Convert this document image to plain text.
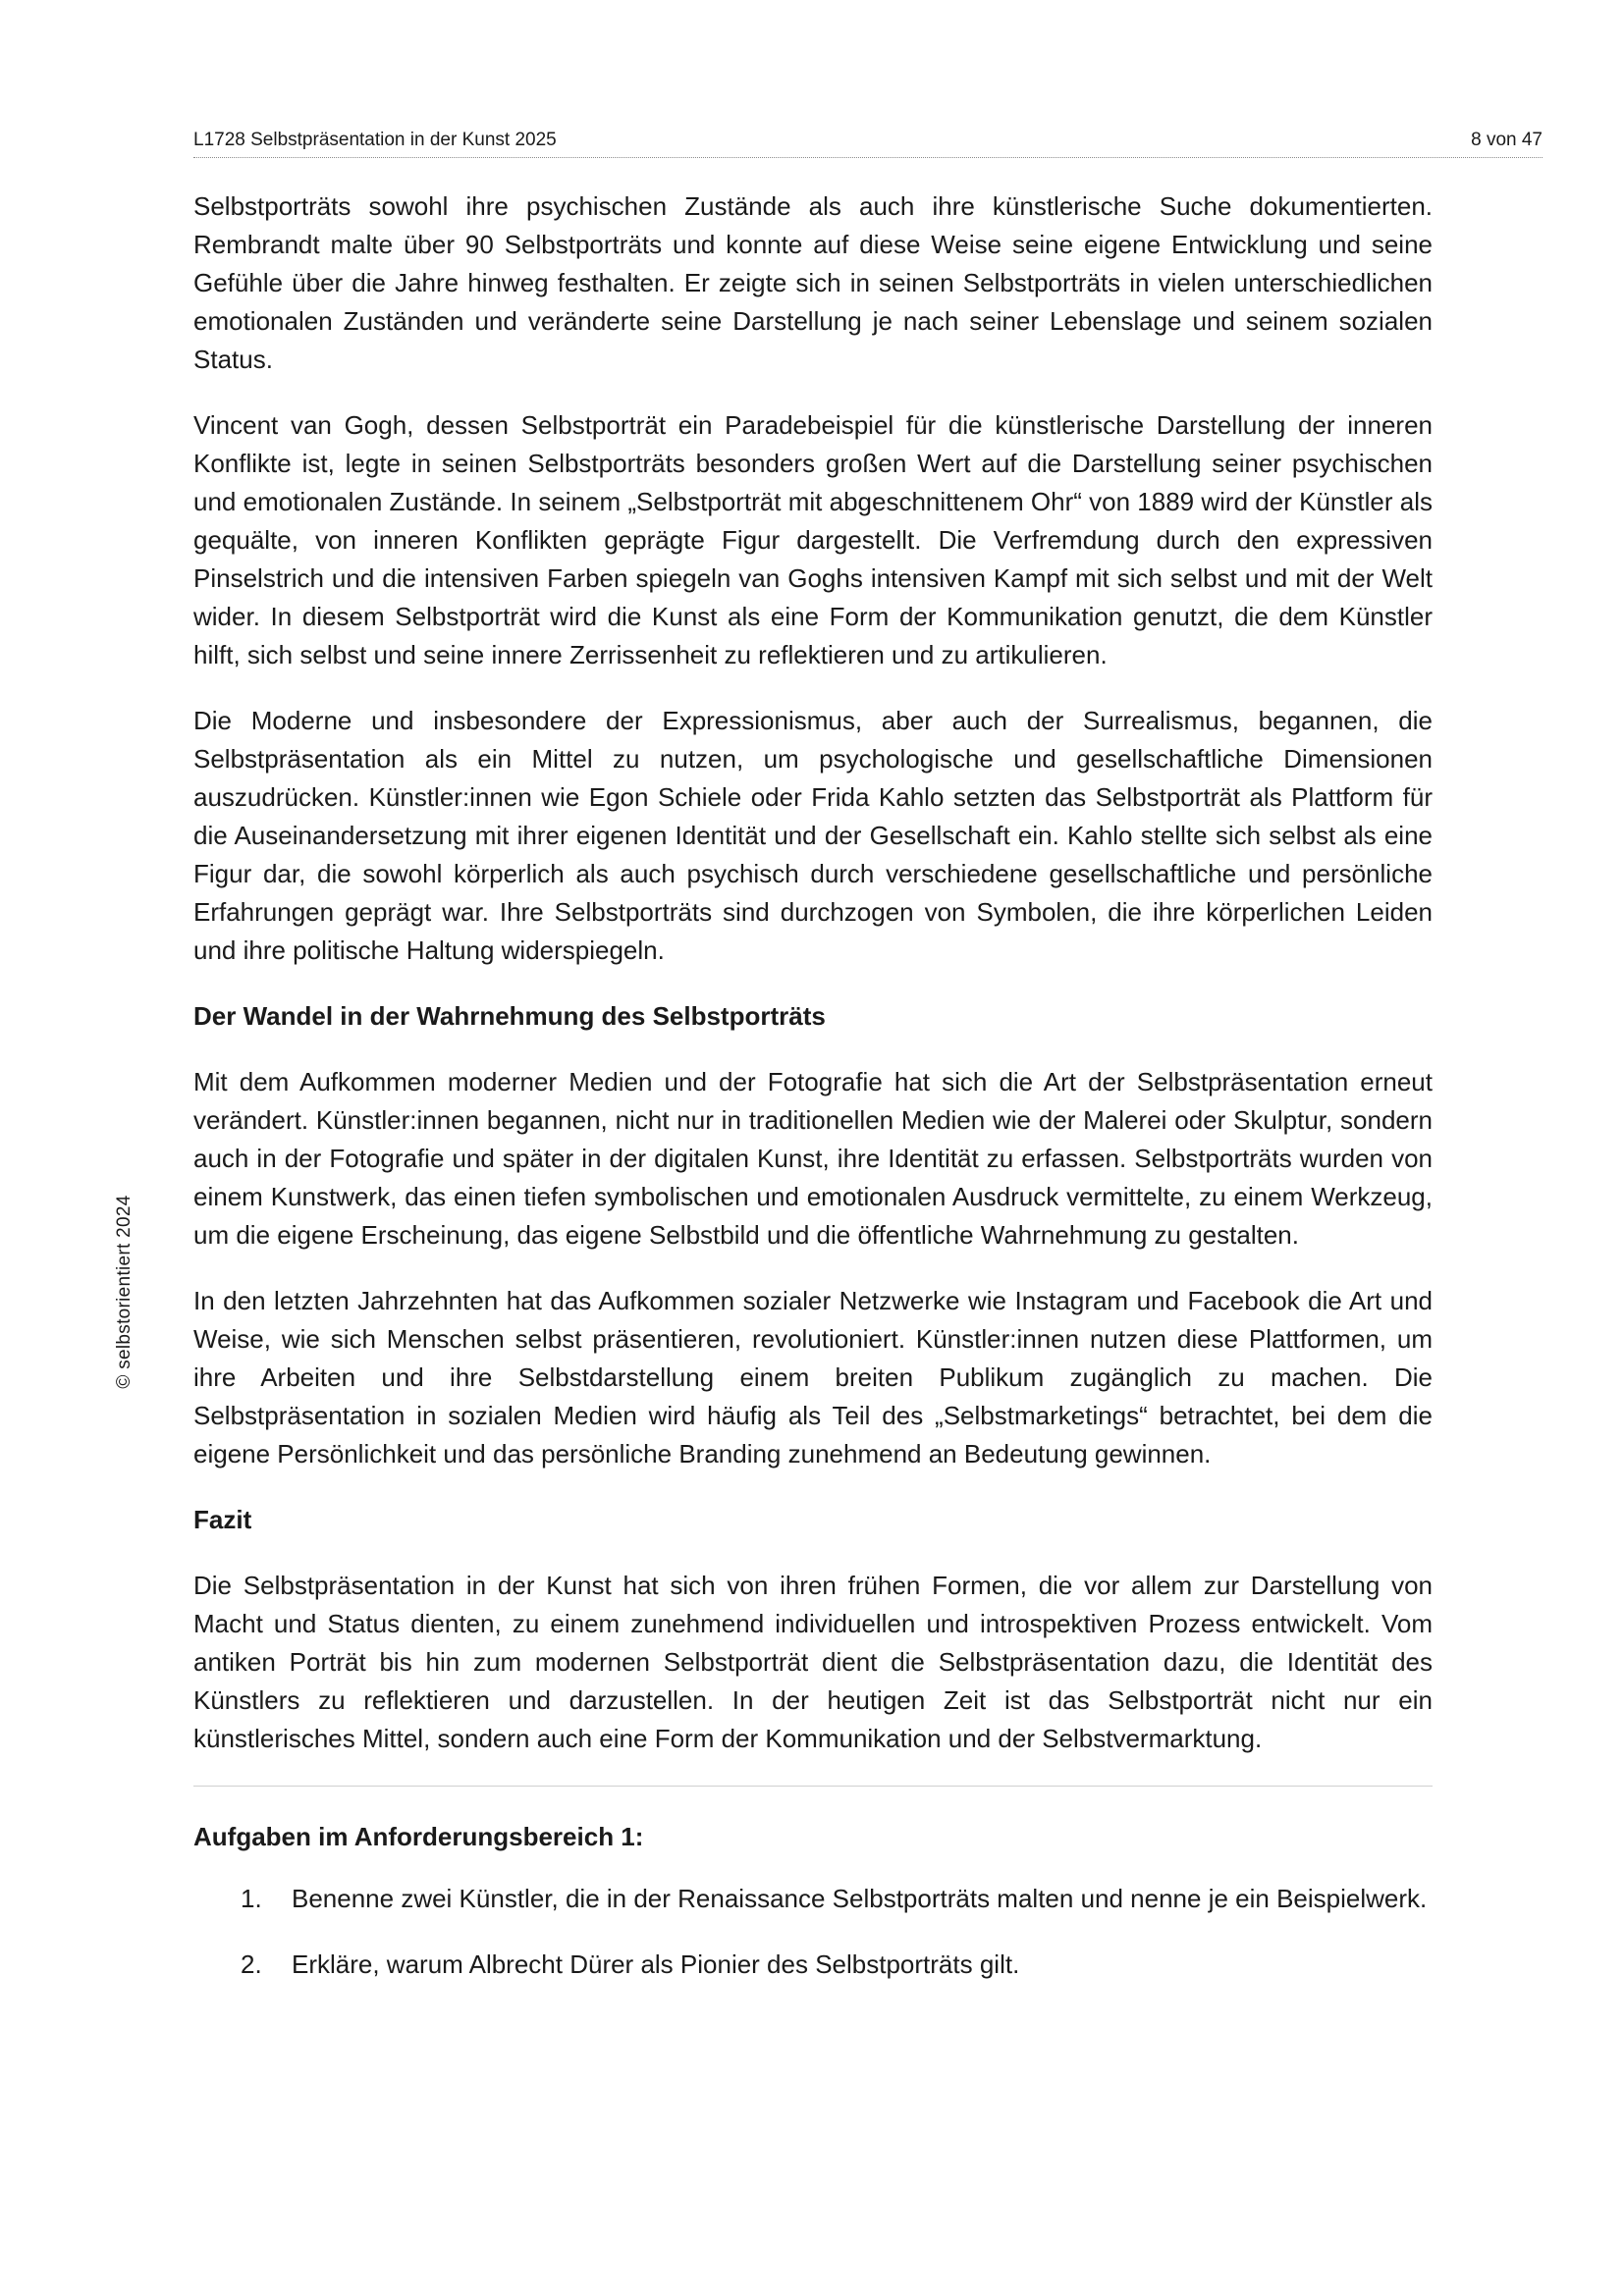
L1728 Selbstpräsentation in der Kunst 2025	8 von 47
© selbstorientiert 2024

Selbstporträts sowohl ihre psychischen Zustände als auch ihre künstlerische Suche dokumentierten. Rembrandt malte über 90 Selbstporträts und konnte auf diese Weise seine eigene Entwicklung und seine Gefühle über die Jahre hinweg festhalten. Er zeigte sich in seinen Selbstporträts in vielen unterschiedlichen emotionalen Zuständen und veränderte seine Darstellung je nach seiner Lebenslage und seinem sozialen Status.

Vincent van Gogh, dessen Selbstporträt ein Paradebeispiel für die künstlerische Darstellung der inneren Konflikte ist, legte in seinen Selbstporträts besonders großen Wert auf die Darstellung seiner psychischen und emotionalen Zustände. In seinem „Selbstporträt mit abgeschnittenem Ohr“ von 1889 wird der Künstler als gequälte, von inneren Konflikten geprägte Figur dargestellt. Die Verfremdung durch den expressiven Pinselstrich und die intensiven Farben spiegeln van Goghs intensiven Kampf mit sich selbst und mit der Welt wider. In diesem Selbstporträt wird die Kunst als eine Form der Kommunikation genutzt, die dem Künstler hilft, sich selbst und seine innere Zerrissenheit zu reflektieren und zu artikulieren.

Die Moderne und insbesondere der Expressionismus, aber auch der Surrealismus, begannen, die Selbstpräsentation als ein Mittel zu nutzen, um psychologische und gesellschaftliche Dimensionen auszudrücken. Künstler:innen wie Egon Schiele oder Frida Kahlo setzten das Selbstporträt als Plattform für die Auseinandersetzung mit ihrer eigenen Identität und der Gesellschaft ein. Kahlo stellte sich selbst als eine Figur dar, die sowohl körperlich als auch psychisch durch verschiedene gesellschaftliche und persönliche Erfahrungen geprägt war. Ihre Selbstporträts sind durchzogen von Symbolen, die ihre körperlichen Leiden und ihre politische Haltung widerspiegeln.

Der Wandel in der Wahrnehmung des Selbstporträts

Mit dem Aufkommen moderner Medien und der Fotografie hat sich die Art der Selbstpräsentation erneut verändert. Künstler:innen begannen, nicht nur in traditionellen Medien wie der Malerei oder Skulptur, sondern auch in der Fotografie und später in der digitalen Kunst, ihre Identität zu erfassen. Selbstporträts wurden von einem Kunstwerk, das einen tiefen symbolischen und emotionalen Ausdruck vermittelte, zu einem Werkzeug, um die eigene Erscheinung, das eigene Selbstbild und die öffentliche Wahrnehmung zu gestalten.

In den letzten Jahrzehnten hat das Aufkommen sozialer Netzwerke wie Instagram und Facebook die Art und Weise, wie sich Menschen selbst präsentieren, revolutioniert. Künstler:innen nutzen diese Plattformen, um ihre Arbeiten und ihre Selbstdarstellung einem breiten Publikum zugänglich zu machen. Die Selbstpräsentation in sozialen Medien wird häufig als Teil des „Selbstmarketings“ betrachtet, bei dem die eigene Persönlichkeit und das persönliche Branding zunehmend an Bedeutung gewinnen.

Fazit

Die Selbstpräsentation in der Kunst hat sich von ihren frühen Formen, die vor allem zur Darstellung von Macht und Status dienten, zu einem zunehmend individuellen und introspektiven Prozess entwickelt. Vom antiken Porträt bis hin zum modernen Selbstporträt dient die Selbstpräsentation dazu, die Identität des Künstlers zu reflektieren und darzustellen. In der heutigen Zeit ist das Selbstporträt nicht nur ein künstlerisches Mittel, sondern auch eine Form der Kommunikation und der Selbstvermarktung.

Aufgaben im Anforderungsbereich 1:
1. Benenne zwei Künstler, die in der Renaissance Selbstporträts malten und nenne je ein Beispielwerk.
2. Erkläre, warum Albrecht Dürer als Pionier des Selbstporträts gilt.
